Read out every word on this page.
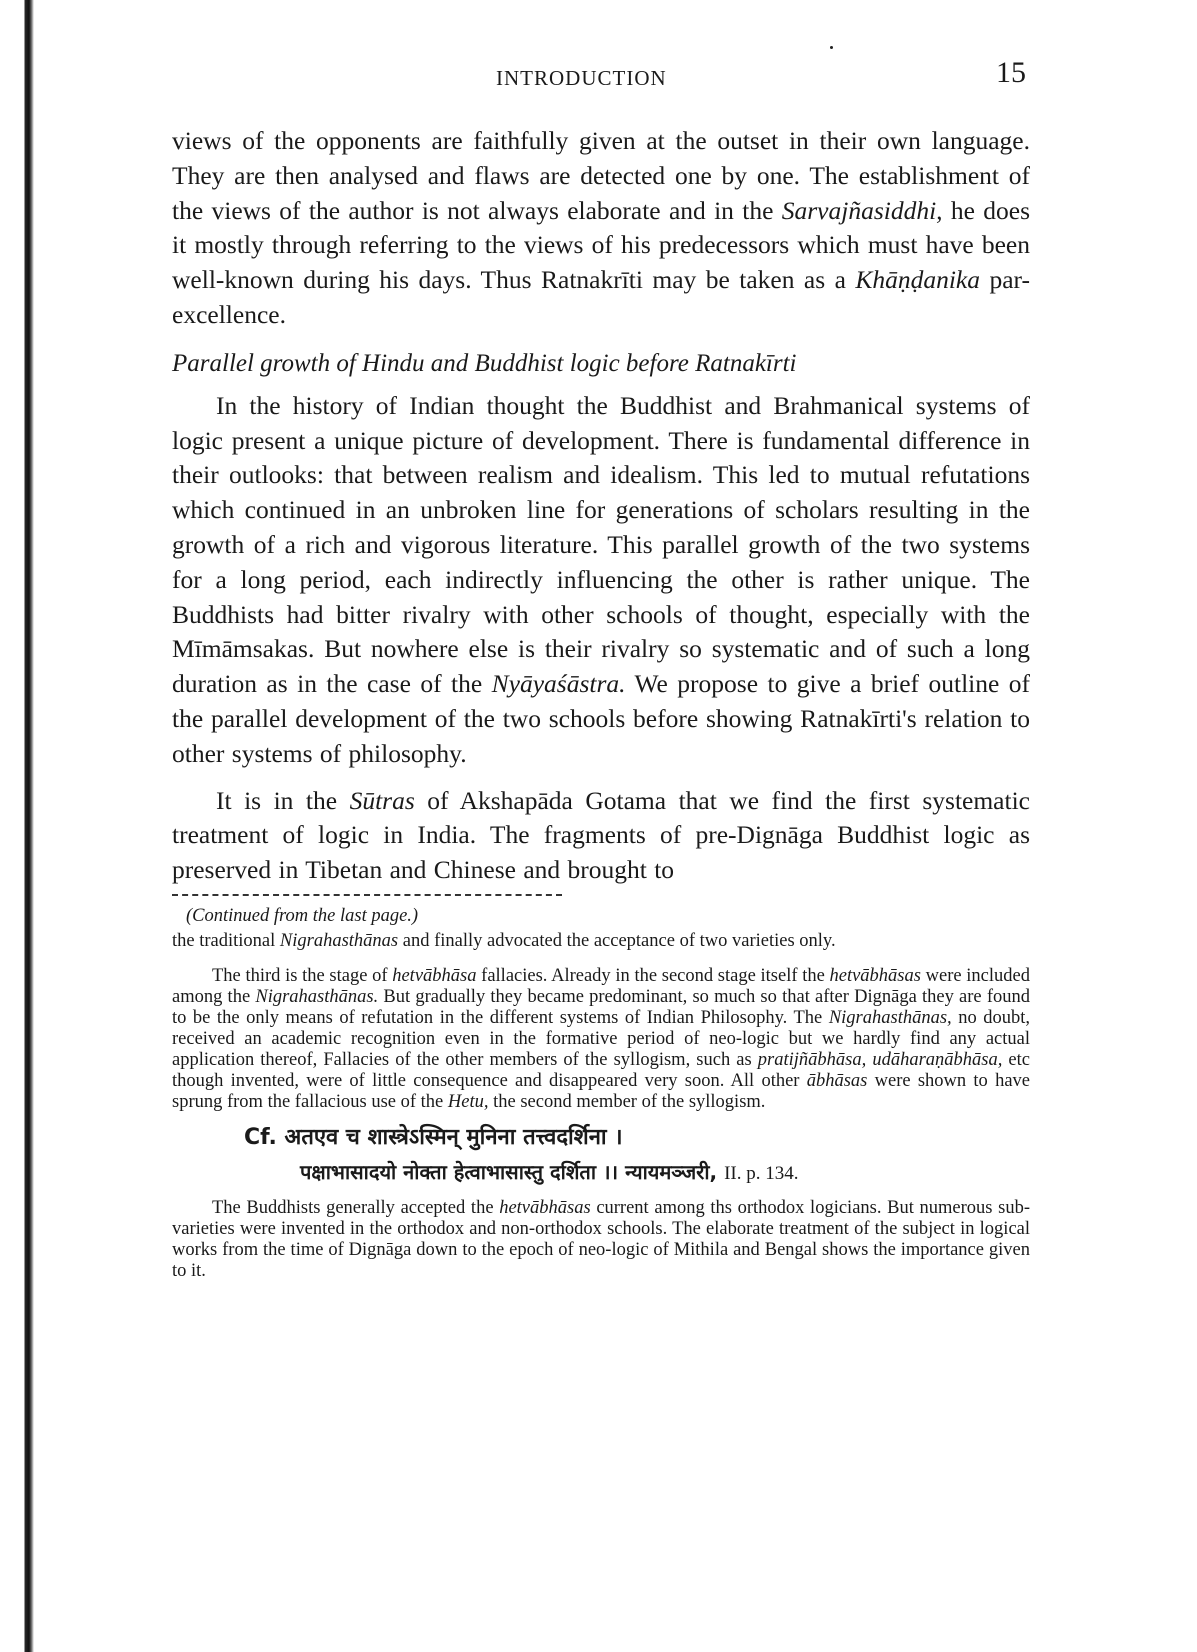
INTRODUCTION	15

views of the opponents are faithfully given at the outset in their own language. They are then analysed and flaws are detected one by one. The establishment of the views of the author is not always elaborate and in the Sarvajñasiddhi, he does it mostly through referring to the views of his predecessors which must have been well-known during his days. Thus Ratnakrīti may be taken as a Khāṇḍanika par-excellence.

Parallel growth of Hindu and Buddhist logic before Ratnakīrti

In the history of Indian thought the Buddhist and Brahmanical systems of logic present a unique picture of development. There is fundamental difference in their outlooks: that between realism and idealism. This led to mutual refutations which continued in an unbroken line for generations of scholars resulting in the growth of a rich and vigorous literature. This parallel growth of the two systems for a long period, each indirectly influencing the other is rather unique. The Buddhists had bitter rivalry with other schools of thought, especially with the Mīmāmsakas. But nowhere else is their rivalry so systematic and of such a long duration as in the case of the Nyāyaśāstra. We propose to give a brief outline of the parallel development of the two schools before showing Ratnakīrti's relation to other systems of philosophy.

It is in the Sūtras of Akshapāda Gotama that we find the first systematic treatment of logic in India. The fragments of pre-Dignāga Buddhist logic as preserved in Tibetan and Chinese and brought to

(Continued from the last page.)

the traditional Nigrahasthānas and finally advocated the acceptance of two varieties only.

The third is the stage of hetvābhāsa fallacies. Already in the second stage itself the hetvābhāsas were included among the Nigrahasthānas. But gradually they became predominant, so much so that after Dignāga they are found to be the only means of refutation in the different systems of Indian Philosophy. The Nigrahasthānas, no doubt, received an academic recognition even in the formative period of neo-logic but we hardly find any actual application thereof, Fallacies of the other members of the syllogism, such as pratijñābhāsa, udāharaṇābhāsa, etc though invented, were of little consequence and disappeared very soon. All other ābhāsas were shown to have sprung from the fallacious use of the Hetu, the second member of the syllogism.

Cf. अतएव च शास्त्रेऽस्मिन् मुनिना तत्त्वदर्शिना ।

पक्षाभासादयो नोक्ता हेत्वाभासास्तु दर्शिता ।। न्यायमञ्जरी, II. p. 134.

The Buddhists generally accepted the hetvābhāsas current among ths orthodox logicians. But numerous sub-varieties were invented in the orthodox and non-orthodox schools. The elaborate treatment of the subject in logical works from the time of Dignāga down to the epoch of neo-logic of Mithila and Bengal shows the importance given to it.
